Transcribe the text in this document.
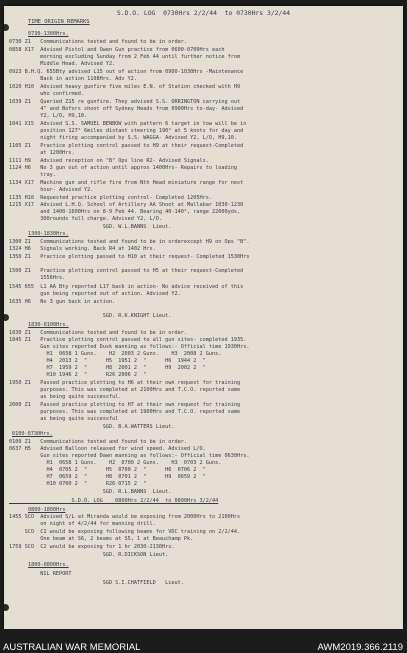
S.D.O. LOG  0730Hrs 2/2/44  to 0730Hrs 3/2/44
TIME ORIGIN REMARKS
0730-1300Hrs.
0730 Z1   Communications tested and found to be in order.
0858 X17  Advised Pistol and Owen Gun practice from 0600-0700Hrs each
morning excluding Sunday from 2 Feb 44 until further notice from
Middle Head. Advised Y2.
0923 B.H.Q. 655Bty advised L15 out of action from 0900-1030Hrs -Maintenance
Back in action 1108Hrs. Adv Y2.
1020 H10  Advised heavy gunfire five miles E.N. of Station checked with H9
who confirmed.
1039 Z1   Queried Z15 re gunfire. They advised S.S. ORRINGTON carrying out
4" and Bofors shoot off Sydney Heads from 0900Hrs to-day- Advised
Y2, L/O, H9,10.
1041 X15  Advised S.S. SAMUEL BENBOW with pattern 6 target in tow will be in
position 127° 6miles distant steering 190° at 5 knots for day and
night firing accompanied by S.S. WAGGA- Advised Y2, L/O, H9,10.
1105 Z1   Practice plotting control passed to H9 at their request-Completed
at 1200Hrs.
1111 H9   Advised reception on "B" Ops line R2- Advised Signals.
1124 H6   No 3 gun out of action until approx 1400Hrs- Repairs to loading
tray.
1134 X17  Machine gun and rifle fire from Nth Head miniature range for next
hour- Advised Y2.
1135 H10  Requested practice plotting control- Completed 1205Hrs.
1215 X17  Advised L.H.Q. School of Artillery AA Shoot at Mallabar 1030-1230
and 1400-1600Hrs on 8-9 Feb 44. Bearing 40-140°, range 22000yds,
300rounds full charge. Advised Y2, L/O.
SGD. W.L.BANNS  Lieut.
1300-1830Hrs.
1300 Z1   Communications tested and found to be in orderexcept H9 on Ops "B".
1324 H6   Signals working. Back R4 at 1402 Hrs.
1350 Z1   Practice plotting passed to H10 at their request- Completed 1530Hrs
1500 Z1   Practice plotting control passed to H5 at their request-Completed
1556Hrs.
1545 655  L1 AA Bty reported L17 back in action- No advice received of this
gun being reported out of action. Advised Y2.
1635 H6   No 3 gun back in action.
SGD. R.K.KNIGHT Lieut.
1830-0100Hrs.
1830 Z1   Communications tested and found to be in order.
1845 Z1   Practice plotting control passed to all gun sites- completed 1935.
Gun sites reported Dusk manning as follows:- Official time 1930Hrs.
H1  0658 1 Guns.    H2  2003 2 Guns.    H3  2008 2 Guns.
H4  2013 2  "      H5  1951 2  "      H6  1944 2  "
H7  1959 2  "      H8  2001 2  "      H9  2002 2  "
H10 1946 2  "      R26 2006 2  "
1950 Z1   Passed practice plotting to H6 at their own request for training
purposes. This was completed at 2100Hrs and T.C.O. reported same
as being quite successful.
2000 Z1   Passed practice plotting to H7 at their own request for training
purposes. This was completed at 1900Hrs and T.C.O. reported same
as being quite successful
SGD. B.A.WATTERS Lieut.
0100-0730Hrs.
0100 Z1   Communications tested and found to be in order.
0637 H5   Advised Balloon released for wind speed. Advised L/O.
Gun sites reported Dawn manning as follows:- Official time 0630Hrs.
H1  0658 1 Guns.    H2  0700 2 Guns.    H3  0703 2 Guns.
H4  0705 2  "      H5  0700 2  "      H6  0706 2  "
H7  0659 2  "      H8  0701 2  "      H9  0659 2  "
H10 0700 2  "      R26 0715 2  "
SGD. R.L.BANNS  Lieut.
S.D.O. LOG    0800Hrs 2/2/44  to 0800Hrs 3/2/44
0800-1800Hrs
1455 SCO  Advised S/L at Miranda would be exposing from 2000Hrs to 2100Hrs
on night of 4/2/44 for manning drill.
SCO  C1 would be exposing following beams for VDC training on 2/2/44.
One beam at S6, 2 beams at S5, 1 at Beauchamp Pk.
1759 SCO  C2 would be exposing for 1 hr 2030-2130Hrs.
SGD. R.DICKSON Lieut.
1800-0800Hrs.
NIL REPORT
SGD S.I.CHATFIELD   Lieut.
AUSTRALIAN WAR MEMORIAL	AWM2019.366.2119
